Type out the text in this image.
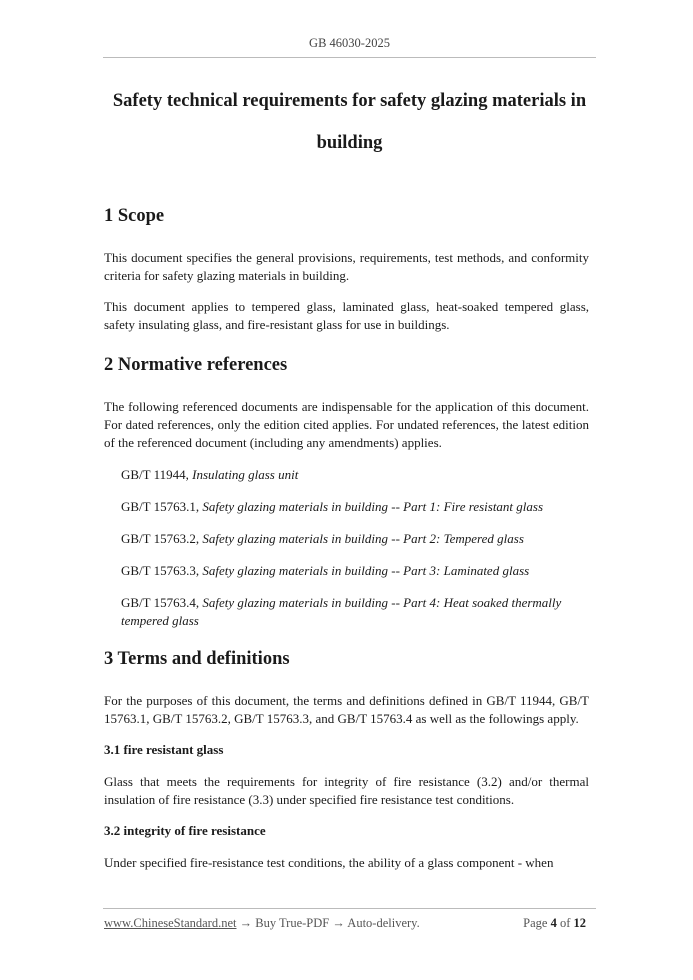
GB 46030-2025
Safety technical requirements for safety glazing materials in
building
1 Scope

This document specifies the general provisions, requirements, test methods, and conformity criteria for safety glazing materials in building.

This document applies to tempered glass, laminated glass, heat-soaked tempered glass, safety insulating glass, and fire-resistant glass for use in buildings.

2 Normative references

The following referenced documents are indispensable for the application of this document. For dated references, only the edition cited applies. For undated references, the latest edition of the referenced document (including any amendments) applies.

GB/T 11944, Insulating glass unit

GB/T 15763.1, Safety glazing materials in building -- Part 1: Fire resistant glass

GB/T 15763.2, Safety glazing materials in building -- Part 2: Tempered glass

GB/T 15763.3, Safety glazing materials in building -- Part 3: Laminated glass

GB/T 15763.4, Safety glazing materials in building -- Part 4: Heat soaked thermally tempered glass

3 Terms and definitions

For the purposes of this document, the terms and definitions defined in GB/T 11944, GB/T 15763.1, GB/T 15763.2, GB/T 15763.3, and GB/T 15763.4 as well as the followings apply.

3.1 fire resistant glass

Glass that meets the requirements for integrity of fire resistance (3.2) and/or thermal insulation of fire resistance (3.3) under specified fire resistance test conditions.

3.2 integrity of fire resistance

Under specified fire-resistance test conditions, the ability of a glass component - when

www.ChineseStandard.net → Buy True-PDF → Auto-delivery.	Page 4 of 12
